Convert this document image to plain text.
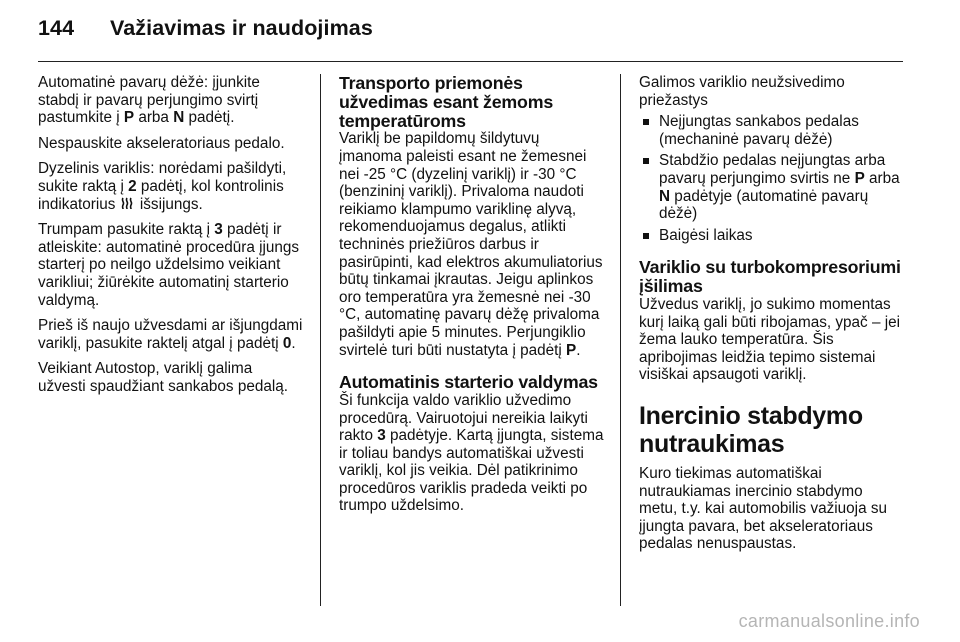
144 Važiavimas ir naudojimas

Automatinė pavarų dėžė: įjunkite stabdį ir pavarų perjungimo svirtį pastumkite į P arba N padėtį.

Nespauskite akseleratoriaus pedalo.

Dyzelinis variklis: norėdami pašildyti, sukite raktą į 2 padėtį, kol kontrolinis indikatorius  išsijungs.

Trumpam pasukite raktą į 3 padėtį ir atleiskite: automatinė procedūra įjungs starterį po neilgo uždelsimo veikiant varikliui; žiūrėkite automatinį starterio valdymą.

Prieš iš naujo užvesdami ar išjungdami variklį, pasukite raktelį atgal į padėtį 0.

Veikiant Autostop, variklį galima užvesti spaudžiant sankabos pedalą.

Transporto priemonės užvedimas esant žemoms temperatūroms

Variklį be papildomų šildytuvų įmanoma paleisti esant ne žemesnei nei -25 °C (dyzelinį variklį) ir -30 °C (benzininį variklį). Privaloma naudoti reikiamo klampumo variklinę alyvą, rekomenduojamus degalus, atlikti techninės priežiūros darbus ir pasirūpinti, kad elektros akumuliatorius būtų tinkamai įkrautas. Jeigu aplinkos oro temperatūra yra žemesnė nei -30 °C, automatinę pavarų dėžę privaloma pašildyti apie 5 minutes. Perjungiklio svirtelė turi būti nustatyta į padėtį P.

Automatinis starterio valdymas

Ši funkcija valdo variklio užvedimo procedūrą. Vairuotojui nereikia laikyti rakto 3 padėtyje. Kartą įjungta, sistema ir toliau bandys automatiškai užvesti variklį, kol jis veikia. Dėl patikrinimo procedūros variklis pradeda veikti po trumpo uždelsimo.

Galimos variklio neužsivedimo priežastys

Neįjungtas sankabos pedalas (mechaninė pavarų dėžė)
Stabdžio pedalas neįjungtas arba pavarų perjungimo svirtis ne P arba N padėtyje (automatinė pavarų dėžė)
Baigėsi laikas
Variklio su turbokompresoriumi įšilimas

Užvedus variklį, jo sukimo momentas kurį laiką gali būti ribojamas, ypač – jei žema lauko temperatūra. Šis apribojimas leidžia tepimo sistemai visiškai apsaugoti variklį.

Inercinio stabdymo nutraukimas

Kuro tiekimas automatiškai nutraukiamas inercinio stabdymo metu, t.y. kai automobilis važiuoja su įjungta pavara, bet akseleratoriaus pedalas nenuspaustas.

carmanualsonline.info
